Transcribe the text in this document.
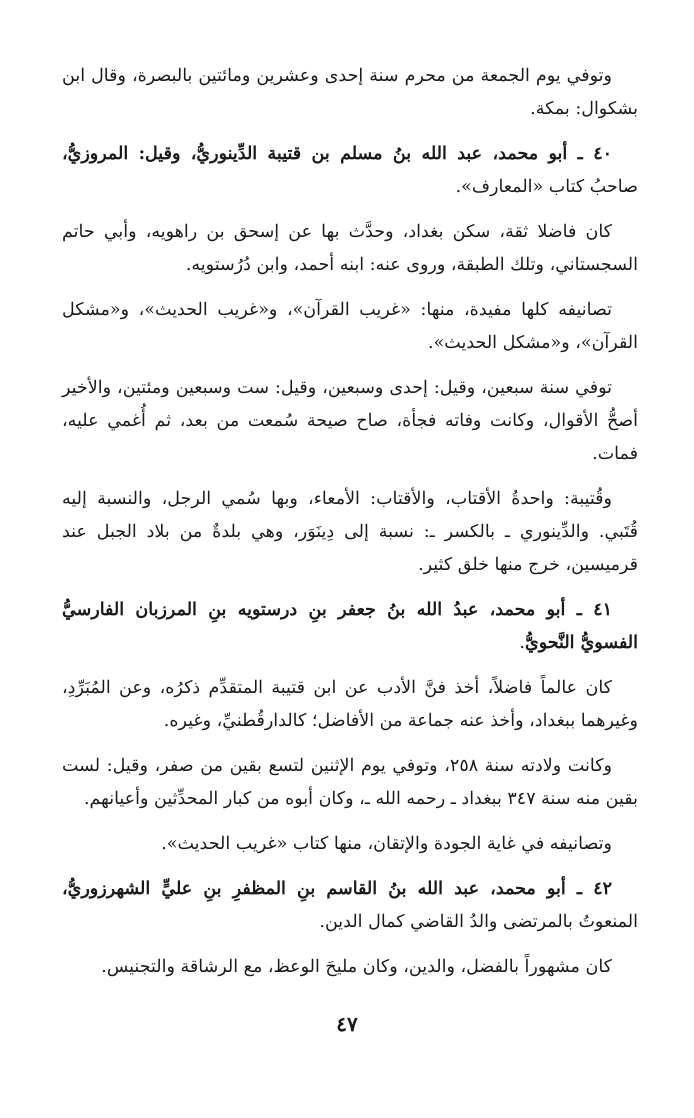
وتوفي يوم الجمعة من محرم سنة إحدى وعشرين ومائتين بالبصرة، وقال ابن بشكوال: بمكة.

٤٠ ـ أبو محمد، عبد الله بنُ مسلم بن قتيبة الدِّينوريُّ، وقيل: المروزيُّ، صاحبُ كتاب «المعارف».

كان فاضلا ثقة، سكن بغداد، وحدَّث بها عن إسحق بن راهويه، وأبي حاتم السجستاني، وتلك الطبقة، وروى عنه: ابنه أحمد، وابن دُرُستويه.

تصانيفه كلها مفيدة، منها: «غريب القرآن»، و«غريب الحديث»، و«مشكل القرآن»، و«مشكل الحديث».

توفي سنة سبعين، وقيل: إحدى وسبعين، وقيل: ست وسبعين ومئتين، والأخير أصحُّ الأقوال، وكانت وفاته فجأة، صاح صيحة سُمعت من بعد، ثم أُغمي عليه، فمات.

وقُتيبة: واحدةُ الأقتاب، والأقتاب: الأمعاء، وبها سُمي الرجل، والنسبة إليه قُتَبي. والدِّينوري ـ بالكسر ـ: نسبة إلى دِينَوَر، وهي بلدةٌ من بلاد الجبل عند قرميسين، خرج منها خلق كثير.

٤١ ـ أبو محمد، عبدُ الله بنُ جعفر بنِ درستويه بنِ المرزبان الفارسيُّ الفسويُّ النَّحويُّ.

كان عالماً فاضلاً، أخذ فنَّ الأدب عن ابن قتيبة المتقدِّم ذكرُه، وعن المُبَرِّدِ، وغيرهما ببغداد، وأخذ عنه جماعة من الأفاضل؛ كالدارقُطنيِّ، وغيره.

وكانت ولادته سنة ٢٥٨، وتوفي يوم الإثنين لتسع بقين من صفر، وقيل: لست بقين منه سنة ٣٤٧ ببغداد ـ رحمه الله ـ، وكان أبوه من كبار المحدِّثين وأعيانهم.

وتصانيفه في غاية الجودة والإتقان، منها كتاب «غريب الحديث».

٤٢ ـ أبو محمد، عبد الله بنُ القاسم بنِ المظفرِ بنِ عليٍّ الشهرزوريُّ، المنعوتُ بالمرتضى والدُ القاضي كمال الدين.

كان مشهوراً بالفضل، والدين، وكان مليحَ الوعظ، مع الرشاقة والتجنيس.

٤٧
